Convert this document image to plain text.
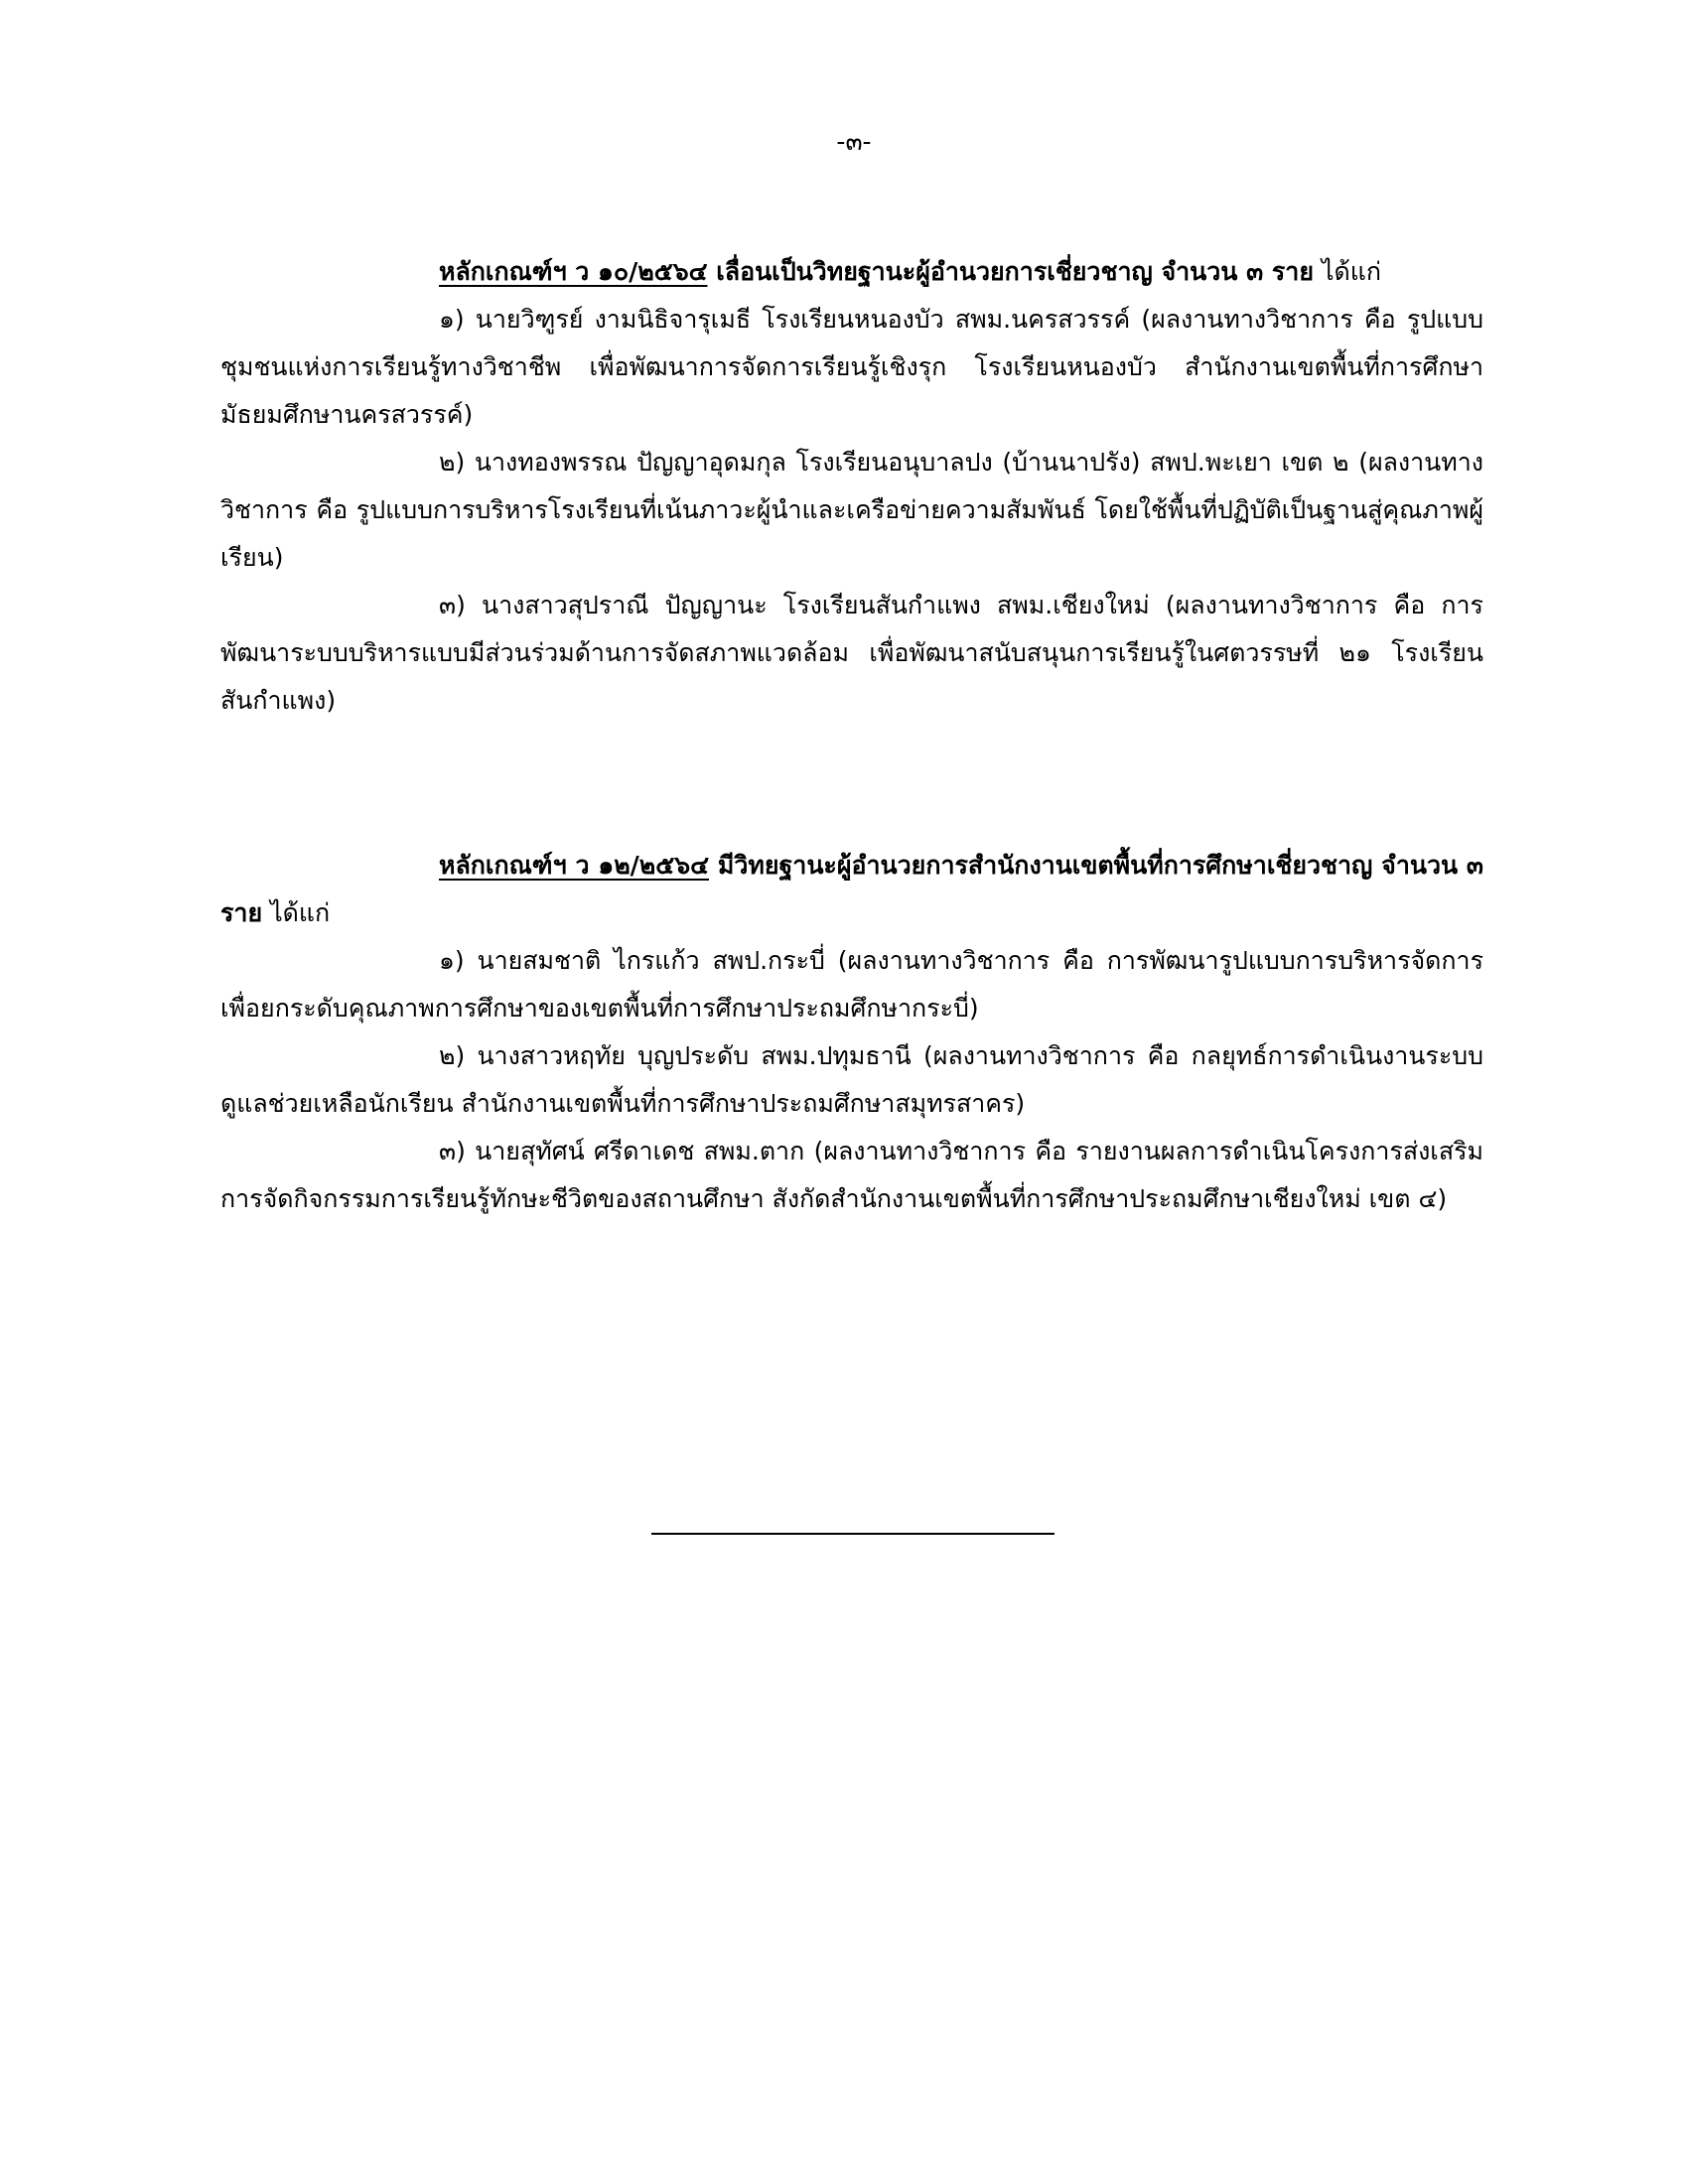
-๓-

หลักเกณฑ์ฯ ว ๑๐/๒๕๖๔ เลื่อนเป็นวิทยฐานะผู้อำนวยการเชี่ยวชาญ จำนวน ๓ ราย ได้แก่

๑) นายวิฑูรย์ งามนิธิจารุเมธี โรงเรียนหนองบัว สพม.นครสวรรค์ (ผลงานทางวิชาการ คือ รูปแบบชุมชนแห่งการเรียนรู้ทางวิชาชีพ เพื่อพัฒนาการจัดการเรียนรู้เชิงรุก โรงเรียนหนองบัว สำนักงานเขตพื้นที่การศึกษามัธยมศึกษานครสวรรค์)

๒) นางทองพรรณ ปัญญาอุดมกุล โรงเรียนอนุบาลปง (บ้านนาปรัง) สพป.พะเยา เขต ๒ (ผลงานทางวิชาการ คือ รูปแบบการบริหารโรงเรียนที่เน้นภาวะผู้นำและเครือข่ายความสัมพันธ์ โดยใช้พื้นที่ปฏิบัติเป็นฐานสู่คุณภาพผู้เรียน)

๓) นางสาวสุปราณี ปัญญานะ โรงเรียนสันกำแพง สพม.เชียงใหม่ (ผลงานทางวิชาการ คือ การพัฒนาระบบบริหารแบบมีส่วนร่วมด้านการจัดสภาพแวดล้อม เพื่อพัฒนาสนับสนุนการเรียนรู้ในศตวรรษที่ ๒๑ โรงเรียนสันกำแพง)

หลักเกณฑ์ฯ ว ๑๒/๒๕๖๔ มีวิทยฐานะผู้อำนวยการสำนักงานเขตพื้นที่การศึกษาเชี่ยวชาญ จำนวน ๓ ราย ได้แก่

๑) นายสมชาติ ไกรแก้ว สพป.กระบี่ (ผลงานทางวิชาการ คือ การพัฒนารูปแบบการบริหารจัดการเพื่อยกระดับคุณภาพการศึกษาของเขตพื้นที่การศึกษาประถมศึกษากระบี่)

๒) นางสาวหฤทัย บุญประดับ สพม.ปทุมธานี (ผลงานทางวิชาการ คือ กลยุทธ์การดำเนินงานระบบดูแลช่วยเหลือนักเรียน สำนักงานเขตพื้นที่การศึกษาประถมศึกษาสมุทรสาคร)

๓) นายสุทัศน์ ศรีดาเดช สพม.ตาก (ผลงานทางวิชาการ คือ รายงานผลการดำเนินโครงการส่งเสริมการจัดกิจกรรมการเรียนรู้ทักษะชีวิตของสถานศึกษา สังกัดสำนักงานเขตพื้นที่การศึกษาประถมศึกษาเชียงใหม่ เขต ๔)
